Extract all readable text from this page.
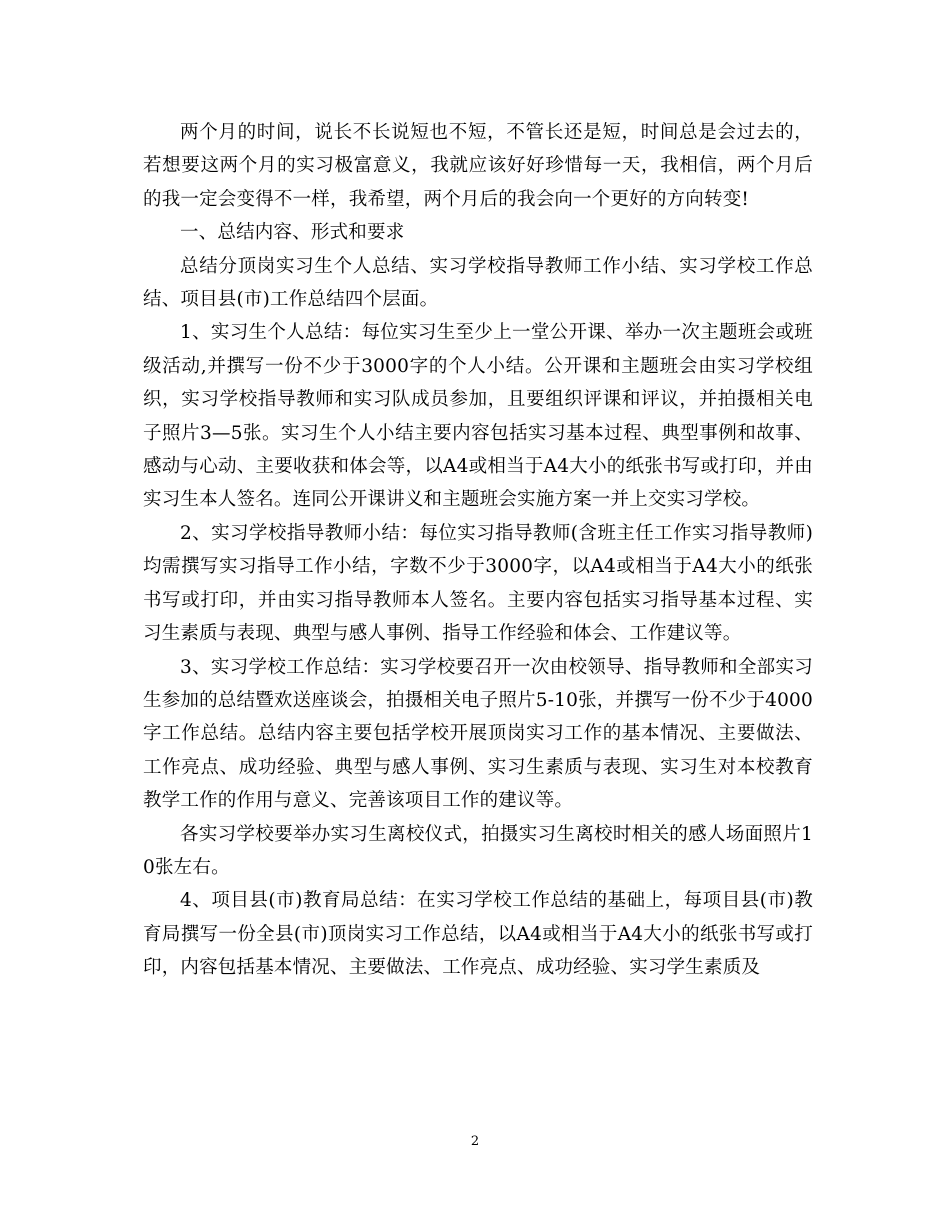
两个月的时间，说长不长说短也不短，不管长还是短，时间总是会过去的，若想要这两个月的实习极富意义，我就应该好好珍惜每一天，我相信，两个月后的我一定会变得不一样，我希望，两个月后的我会向一个更好的方向转变!

一、总结内容、形式和要求

总结分顶岗实习生个人总结、实习学校指导教师工作小结、实习学校工作总结、项目县(市)工作总结四个层面。

1、实习生个人总结：每位实习生至少上一堂公开课、举办一次主题班会或班级活动,并撰写一份不少于3000字的个人小结。公开课和主题班会由实习学校组织，实习学校指导教师和实习队成员参加，且要组织评课和评议，并拍摄相关电子照片3—5张。实习生个人小结主要内容包括实习基本过程、典型事例和故事、感动与心动、主要收获和体会等，以A4或相当于A4大小的纸张书写或打印，并由实习生本人签名。连同公开课讲义和主题班会实施方案一并上交实习学校。

2、实习学校指导教师小结：每位实习指导教师(含班主任工作实习指导教师)均需撰写实习指导工作小结，字数不少于3000字，以A4或相当于A4大小的纸张书写或打印，并由实习指导教师本人签名。主要内容包括实习指导基本过程、实习生素质与表现、典型与感人事例、指导工作经验和体会、工作建议等。

3、实习学校工作总结：实习学校要召开一次由校领导、指导教师和全部实习生参加的总结暨欢送座谈会，拍摄相关电子照片5-10张，并撰写一份不少于4000字工作总结。总结内容主要包括学校开展顶岗实习工作的基本情况、主要做法、工作亮点、成功经验、典型与感人事例、实习生素质与表现、实习生对本校教育教学工作的作用与意义、完善该项目工作的建议等。

各实习学校要举办实习生离校仪式，拍摄实习生离校时相关的感人场面照片10张左右。

4、项目县(市)教育局总结：在实习学校工作总结的基础上，每项目县(市)教育局撰写一份全县(市)顶岗实习工作总结，以A4或相当于A4大小的纸张书写或打印，内容包括基本情况、主要做法、工作亮点、成功经验、实习学生素质及

2
